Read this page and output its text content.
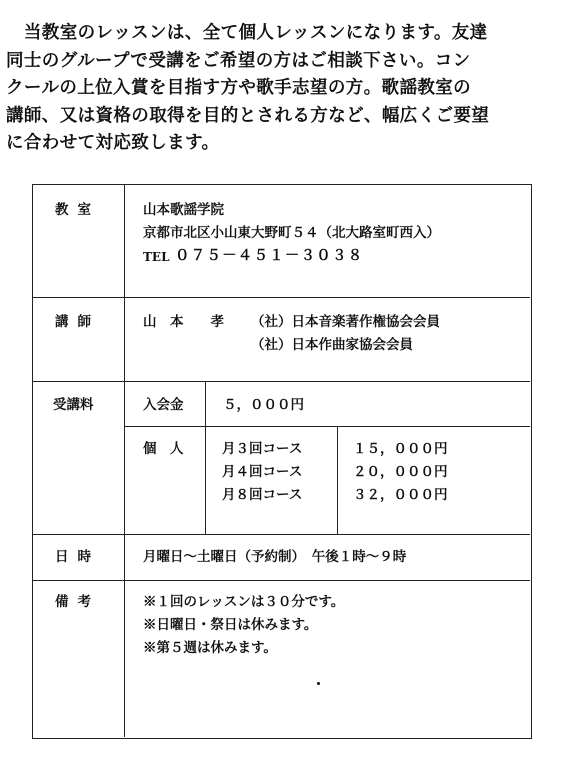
　当教室のレッスンは、全て個人レッスンになります。友達
同士のグループで受講をご希望の方はご相談下さい。コン
クールの上位入賞を目指す方や歌手志望の方。歌謡教室の
講師、又は資格の取得を目的とされる方など、幅広くご要望
に合わせて対応致します。
教室	山本歌謡学院
京都市北区小山東大野町５４（北大路室町西入）
TEL ０７５－４５１－３０３８
講師	山　本　　孝 （社）日本音楽著作権協会会員
（社）日本作曲家協会会員
受講料	入会金	５，０００円
個　人	月３回コース	１５，０００円
月４回コース	２０，０００円
月８回コース	３２，０００円
日時	月曜日～土曜日（予約制）　午後１時～９時
備考	※１回のレッスンは３０分です。
※日曜日・祭日は休みます。
※第５週は休みます。
